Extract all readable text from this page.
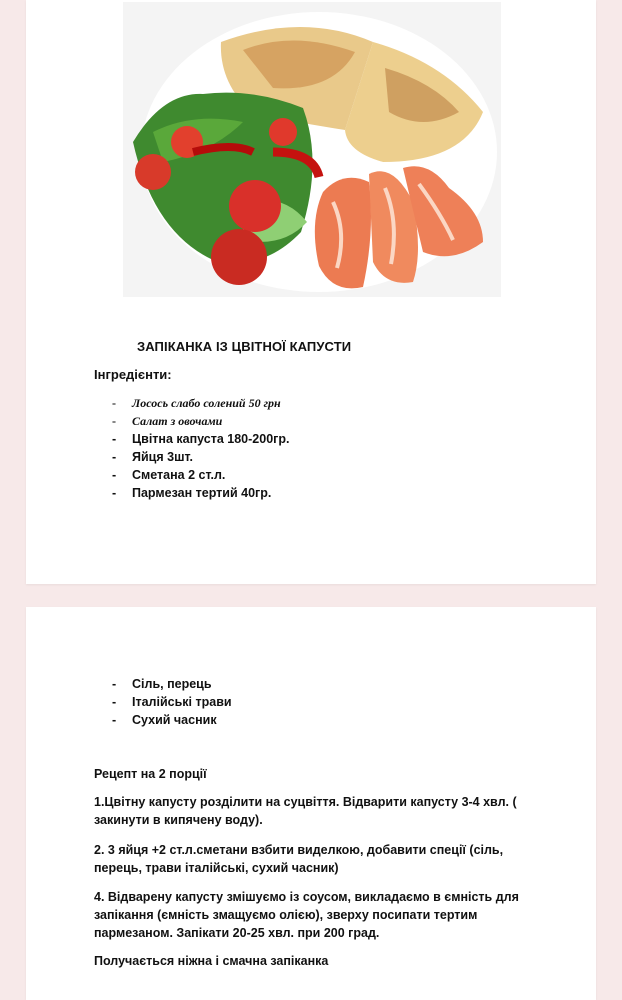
ЗАПІКАНКА ІЗ ЦВІТНОЇ КАПУСТИ
Інгредієнти:
- Лосось слабо солений 50 грн
- Салат з овочами
- Цвітна капуста 180-200гр.
- Яйця 3шт.
- Сметана 2 ст.л.
- Пармезан тертий 40гр.
- Сіль, перець
- Італійські трави
- Сухий часник

Рецепт на 2 порції

1.Цвітну капусту розділити на суцвіття. Відварити капусту 3-4 хвл. ( закинути в кипячену воду).

2. 3 яйця +2 ст.л.сметани взбити виделкою, добавити спеції (сіль, перець, трави італійські, сухий часник)

4. Відварену капусту змішуємо із соусом, викладаємо в ємність для запікання (ємність змащуємо олією), зверху посипати тертим пармезаном. Запікати 20-25 хвл. при 200 град.

Получається ніжна і смачна запіканка
